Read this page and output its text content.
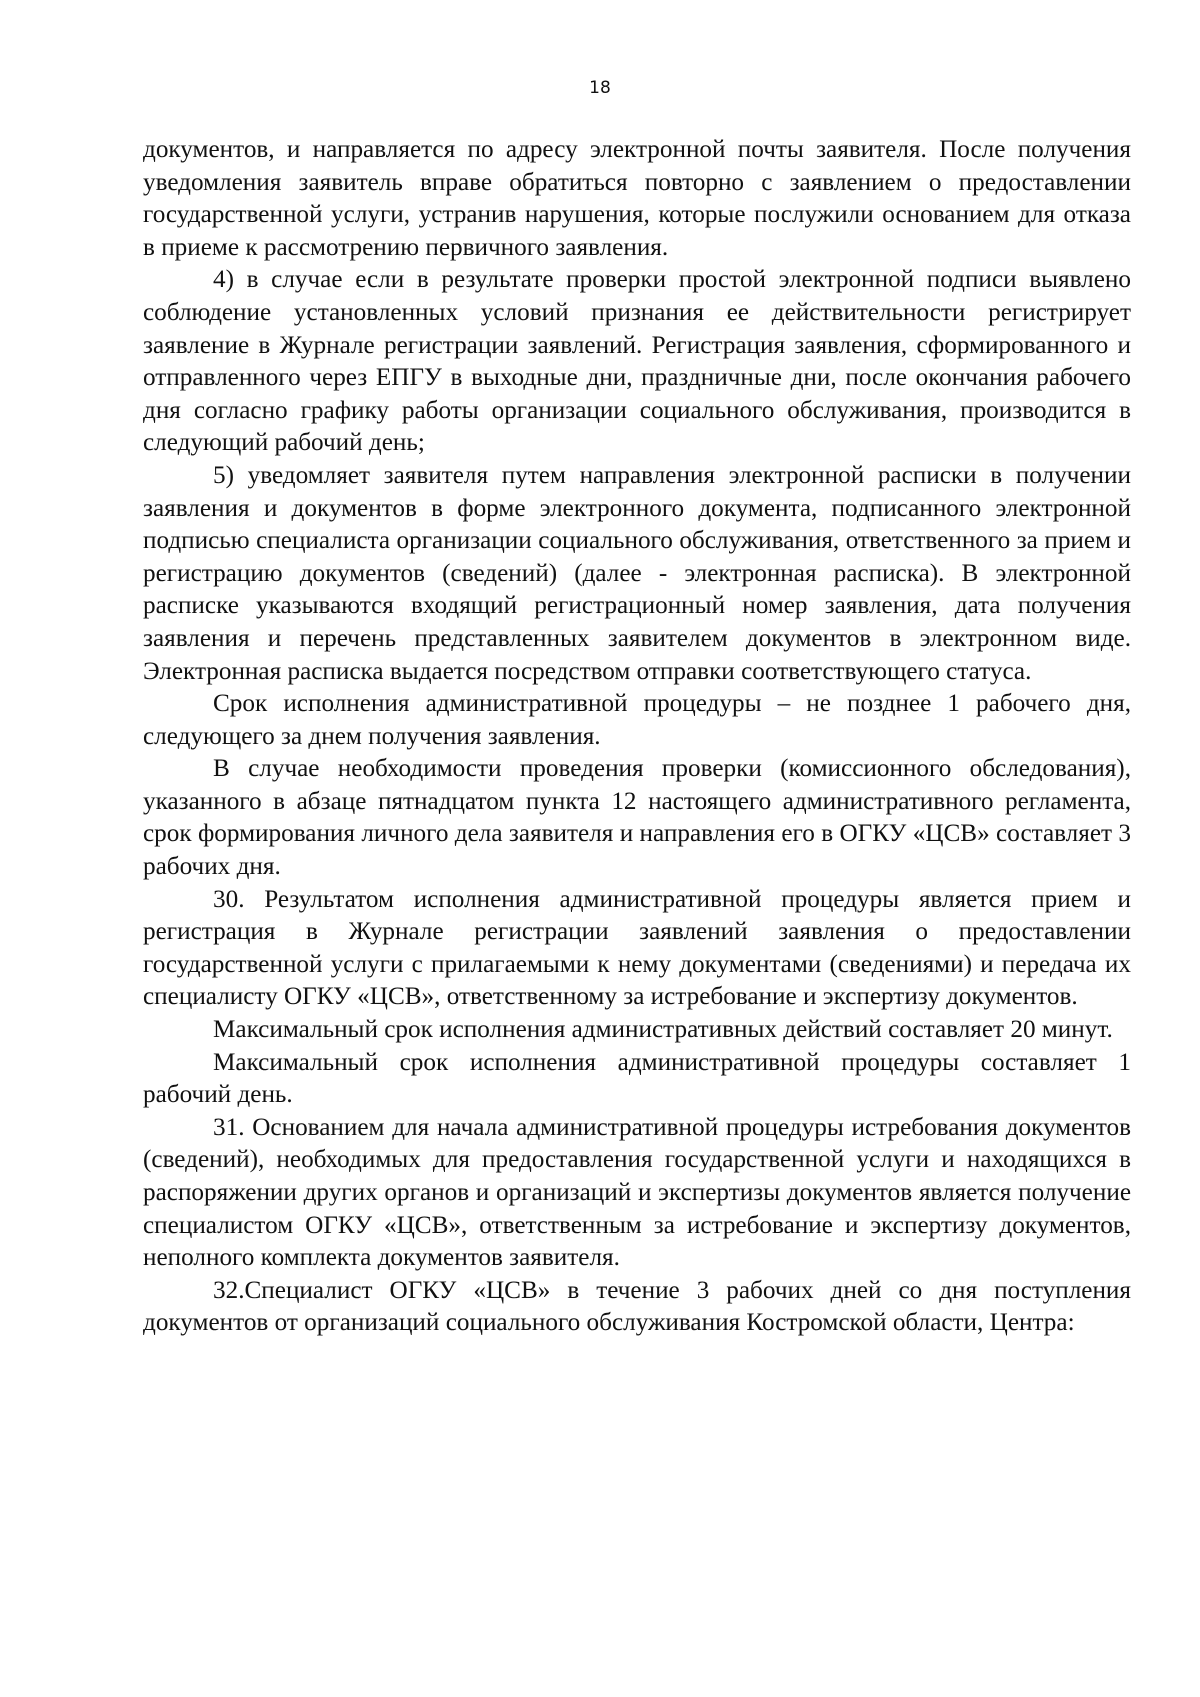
18

документов, и направляется по адресу электронной почты заявителя. После получения уведомления заявитель вправе обратиться повторно с заявлением о предоставлении государственной услуги, устранив нарушения, которые послужили основанием для отказа в приеме к рассмотрению первичного заявления.

4) в случае если в результате проверки простой электронной подписи выявлено соблюдение установленных условий признания ее действительности регистрирует заявление в Журнале регистрации заявлений. Регистрация заявления, сформированного и отправленного через ЕПГУ в выходные дни, праздничные дни, после окончания рабочего дня согласно графику работы организации социального обслуживания, производится в следующий рабочий день;

5) уведомляет заявителя путем направления электронной расписки в получении заявления и документов в форме электронного документа, подписанного электронной подписью специалиста организации социального обслуживания, ответственного за прием и регистрацию документов (сведений) (далее - электронная расписка). В электронной расписке указываются входящий регистрационный номер заявления, дата получения заявления и перечень представленных заявителем документов в электронном виде. Электронная расписка выдается посредством отправки соответствующего статуса.

Срок исполнения административной процедуры – не позднее 1 рабочего дня, следующего за днем получения заявления.

В случае необходимости проведения проверки (комиссионного обследования), указанного в абзаце пятнадцатом пункта 12 настоящего административного регламента, срок формирования личного дела заявителя и направления его в ОГКУ «ЦСВ» составляет 3 рабочих дня.

30. Результатом исполнения административной процедуры является прием и регистрация в Журнале регистрации заявлений заявления о предоставлении государственной услуги с прилагаемыми к нему документами (сведениями) и передача их специалисту ОГКУ «ЦСВ», ответственному за истребование и экспертизу документов.

Максимальный срок исполнения административных действий составляет 20 минут.

Максимальный срок исполнения административной процедуры составляет 1 рабочий день.

31. Основанием для начала административной процедуры истребования документов (сведений), необходимых для предоставления государственной услуги и находящихся в распоряжении других органов и организаций и экспертизы документов является получение специалистом ОГКУ «ЦСВ», ответственным за истребование и экспертизу документов, неполного комплекта документов заявителя.

32.Специалист ОГКУ «ЦСВ» в течение 3 рабочих дней со дня поступления документов от организаций социального обслуживания Костромской области, Центра:
